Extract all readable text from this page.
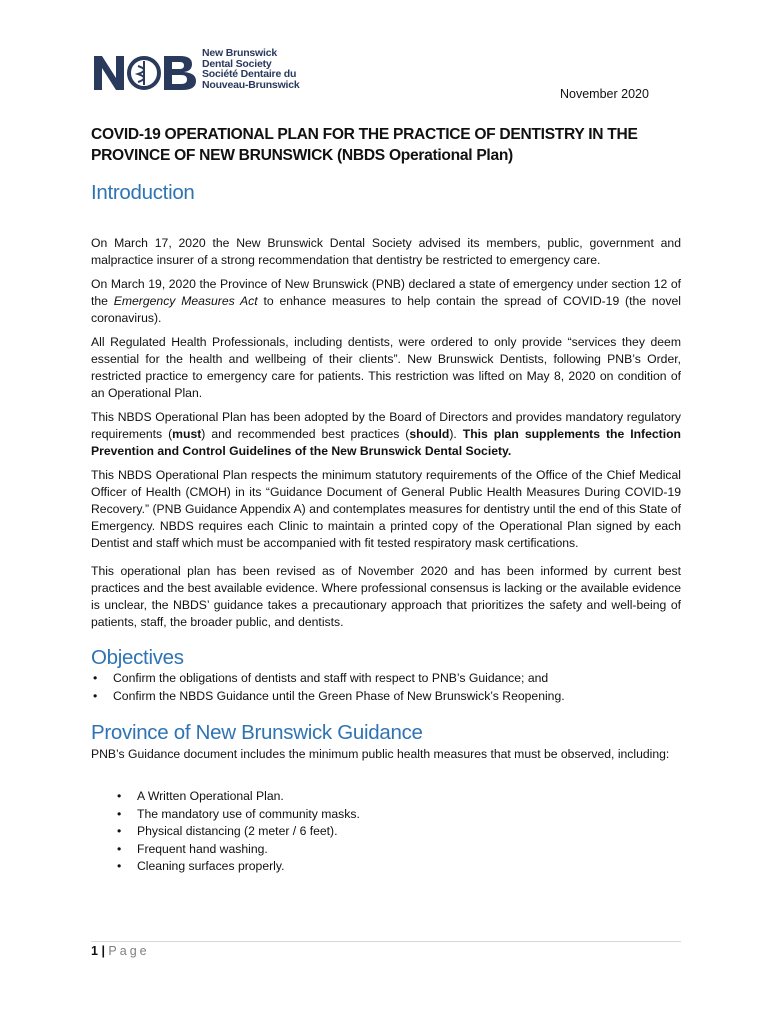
New Brunswick
Dental Society
Société Dentaire du
Nouveau-Brunswick
November 2020
COVID-19 OPERATIONAL PLAN FOR THE PRACTICE OF DENTISTRY IN THE PROVINCE OF NEW BRUNSWICK (NBDS Operational Plan)
Introduction

On March 17, 2020 the New Brunswick Dental Society advised its members, public, government and malpractice insurer of a strong recommendation that dentistry be restricted to emergency care.

On March 19, 2020 the Province of New Brunswick (PNB) declared a state of emergency under section 12 of the Emergency Measures Act to enhance measures to help contain the spread of COVID-19 (the novel coronavirus).

All Regulated Health Professionals, including dentists, were ordered to only provide “services they deem essential for the health and wellbeing of their clients”. New Brunswick Dentists, following PNB’s Order, restricted practice to emergency care for patients. This restriction was lifted on May 8, 2020 on condition of an Operational Plan.

This NBDS Operational Plan has been adopted by the Board of Directors and provides mandatory regulatory requirements (must) and recommended best practices (should). This plan supplements the Infection Prevention and Control Guidelines of the New Brunswick Dental Society.

This NBDS Operational Plan respects the minimum statutory requirements of the Office of the Chief Medical Officer of Health (CMOH) in its “Guidance Document of General Public Health Measures During COVID-19 Recovery.” (PNB Guidance Appendix A) and contemplates measures for dentistry until the end of this State of Emergency. NBDS requires each Clinic to maintain a printed copy of the Operational Plan signed by each Dentist and staff which must be accompanied with fit tested respiratory mask certifications.

This operational plan has been revised as of November 2020 and has been informed by current best practices and the best available evidence. Where professional consensus is lacking or the available evidence is unclear, the NBDS’ guidance takes a precautionary approach that prioritizes the safety and well-being of patients, staff, the broader public, and dentists.

Objectives
• Confirm the obligations of dentists and staff with respect to PNB’s Guidance; and
• Confirm the NBDS Guidance until the Green Phase of New Brunswick’s Reopening.
Province of New Brunswick Guidance

PNB’s Guidance document includes the minimum public health measures that must be observed, including:

• A Written Operational Plan.
• The mandatory use of community masks.
• Physical distancing (2 meter / 6 feet).
• Frequent hand washing.
• Cleaning surfaces properly.
1 | Page
